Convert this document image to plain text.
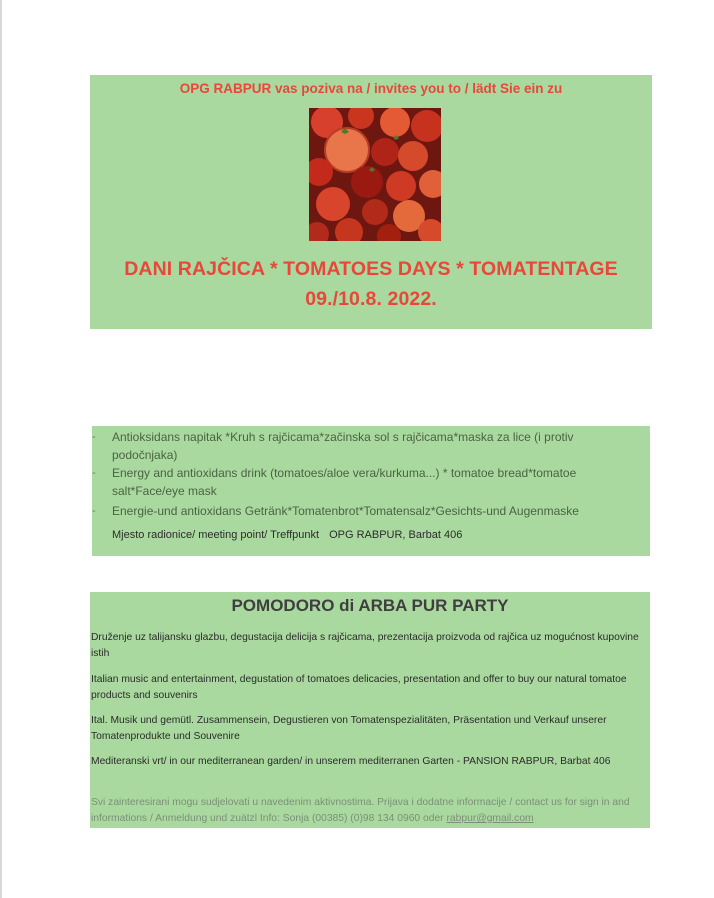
OPG RABPUR vas poziva na / invites you to / lädt Sie ein zu
DANI RAJČICA * TOMATOES DAYS * TOMATENTAGE
09./10.8. 2022.
- Antioksidans napitak *Kruh s rajčicama*začinska sol s rajčicama*maska za lice (i protiv podočnjaka)
- Energy and antioxidans drink (tomatoes/aloe vera/kurkuma...) * tomatoe bread*tomatoe salt*Face/eye mask
- Energie-und antioxidans Getränk*Tomatenbrot*Tomatensalz*Gesichts-und Augenmaske
Mjesto radionice/ meeting point/ Treffpunkt OPG RABPUR, Barbat 406
POMODORO di ARBA PUR PARTY
Druženje uz talijansku glazbu, degustacija delicija s rajčicama, prezentacija proizvoda od rajčica uz mogućnost kupovine istih
Italian music and entertainment, degustation of tomatoes delicacies, presentation and offer to buy our natural tomatoe products and souvenirs
Ital. Musik und gemütl. Zusammensein, Degustieren von Tomatenspezialitäten, Präsentation und Verkauf unserer Tomatenprodukte und Souvenire
Mediteranski vrt/ in our mediterranean garden/ in unserem mediterranen Garten - PANSION RABPUR, Barbat 406
Svi zainteresirani mogu sudjelovati u navedenim aktivnostima. Prijava i dodatne informacije / contact us for sign in and informations / Anmeldung und zuätzl Info: Sonja (00385) (0)98 134 0960 oder rabpur@gmail.com
